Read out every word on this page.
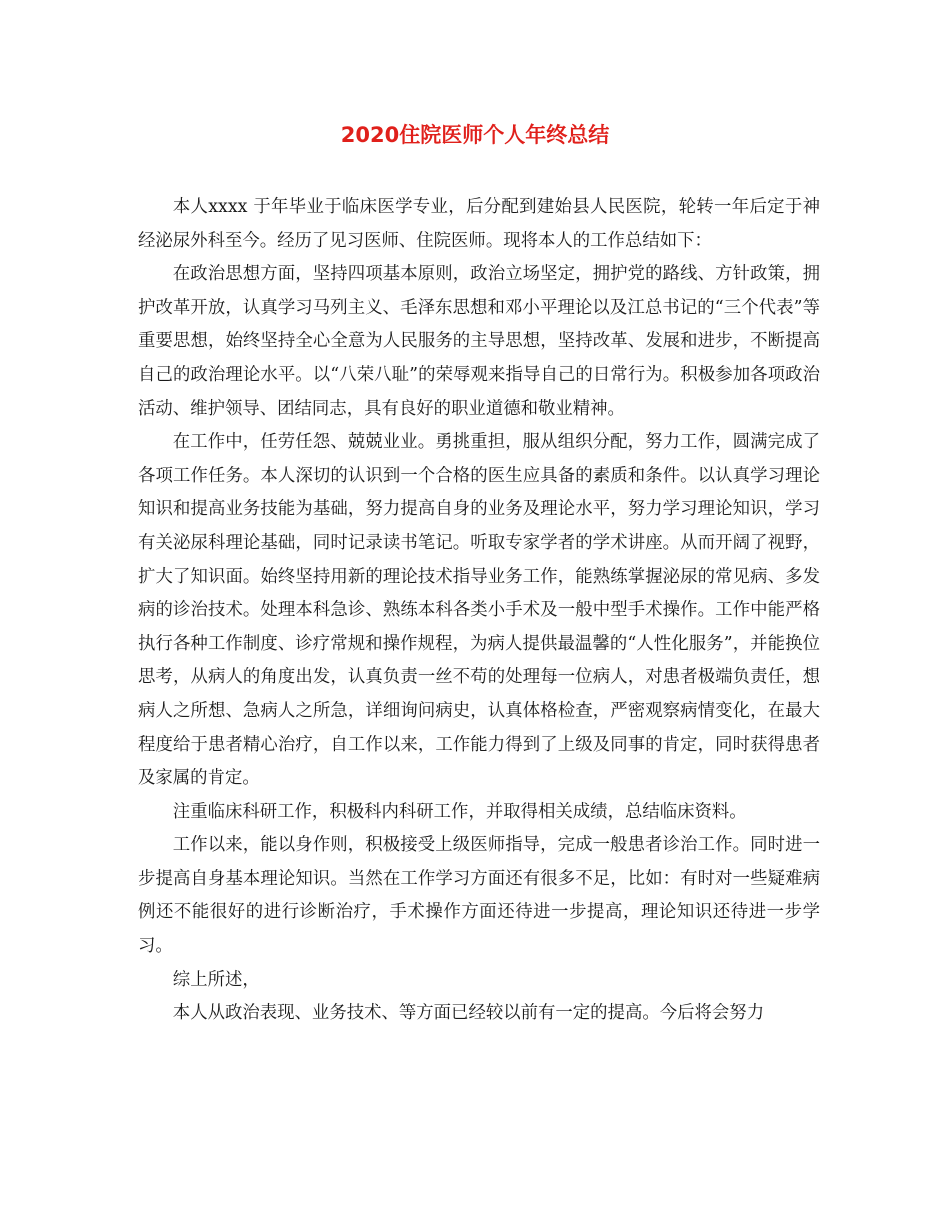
2020住院医师个人年终总结

本人xxxx 于年毕业于临床医学专业，后分配到建始县人民医院，轮转一年后定于神经泌尿外科至今。经历了见习医师、住院医师。现将本人的工作总结如下：

在政治思想方面，坚持四项基本原则，政治立场坚定，拥护党的路线、方针政策，拥护改革开放，认真学习马列主义、毛泽东思想和邓小平理论以及江总书记的“三个代表”等重要思想，始终坚持全心全意为人民服务的主导思想，坚持改革、发展和进步，不断提高自己的政治理论水平。以“八荣八耻”的荣辱观来指导自己的日常行为。积极参加各项政治活动、维护领导、团结同志，具有良好的职业道德和敬业精神。

在工作中，任劳任怨、兢兢业业。勇挑重担，服从组织分配，努力工作，圆满完成了各项工作任务。本人深切的认识到一个合格的医生应具备的素质和条件。以认真学习理论知识和提高业务技能为基础，努力提高自身的业务及理论水平，努力学习理论知识，学习有关泌尿科理论基础，同时记录读书笔记。听取专家学者的学术讲座。从而开阔了视野，扩大了知识面。始终坚持用新的理论技术指导业务工作，能熟练掌握泌尿的常见病、多发病的诊治技术。处理本科急诊、熟练本科各类小手术及一般中型手术操作。工作中能严格执行各种工作制度、诊疗常规和操作规程，为病人提供最温馨的“人性化服务”，并能换位思考，从病人的角度出发，认真负责一丝不苟的处理每一位病人，对患者极端负责任，想病人之所想、急病人之所急，详细询问病史，认真体格检查，严密观察病情变化，在最大程度给于患者精心治疗，自工作以来，工作能力得到了上级及同事的肯定，同时获得患者及家属的肯定。

注重临床科研工作，积极科内科研工作，并取得相关成绩，总结临床资料。

工作以来，能以身作则，积极接受上级医师指导，完成一般患者诊治工作。同时进一步提高自身基本理论知识。当然在工作学习方面还有很多不足，比如：有时对一些疑难病例还不能很好的进行诊断治疗，手术操作方面还待进一步提高，理论知识还待进一步学习。

综上所述，

本人从政治表现、业务技术、等方面已经较以前有一定的提高。今后将会努力
